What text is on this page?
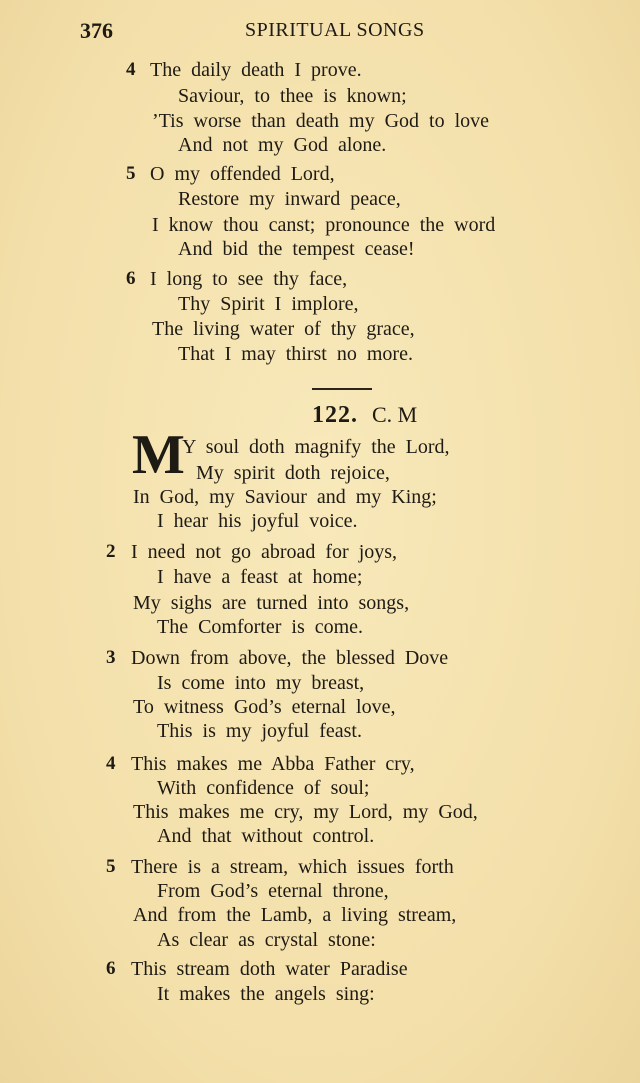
376	SPIRITUAL SONGS
122. C. M
M
4 The daily death I prove.
Saviour, to thee is known;
’Tis worse than death my God to love
And not my God alone.
5 O my offended Lord,
Restore my inward peace,
I know thou canst; pronounce the word
And bid the tempest cease!
6 I long to see thy face,
Thy Spirit I implore,
The living water of thy grace,
That I may thirst no more.
Y soul doth magnify the Lord,
My spirit doth rejoice,
In God, my Saviour and my King;
I hear his joyful voice.
2 I need not go abroad for joys,
I have a feast at home;
My sighs are turned into songs,
The Comforter is come.
3 Down from above, the blessed Dove
Is come into my breast,
To witness God’s eternal love,
This is my joyful feast.
4 This makes me Abba Father cry,
With confidence of soul;
This makes me cry, my Lord, my God,
And that without control.
5 There is a stream, which issues forth
From God’s eternal throne,
And from the Lamb, a living stream,
As clear as crystal stone:
6 This stream doth water Paradise
It makes the angels sing:
